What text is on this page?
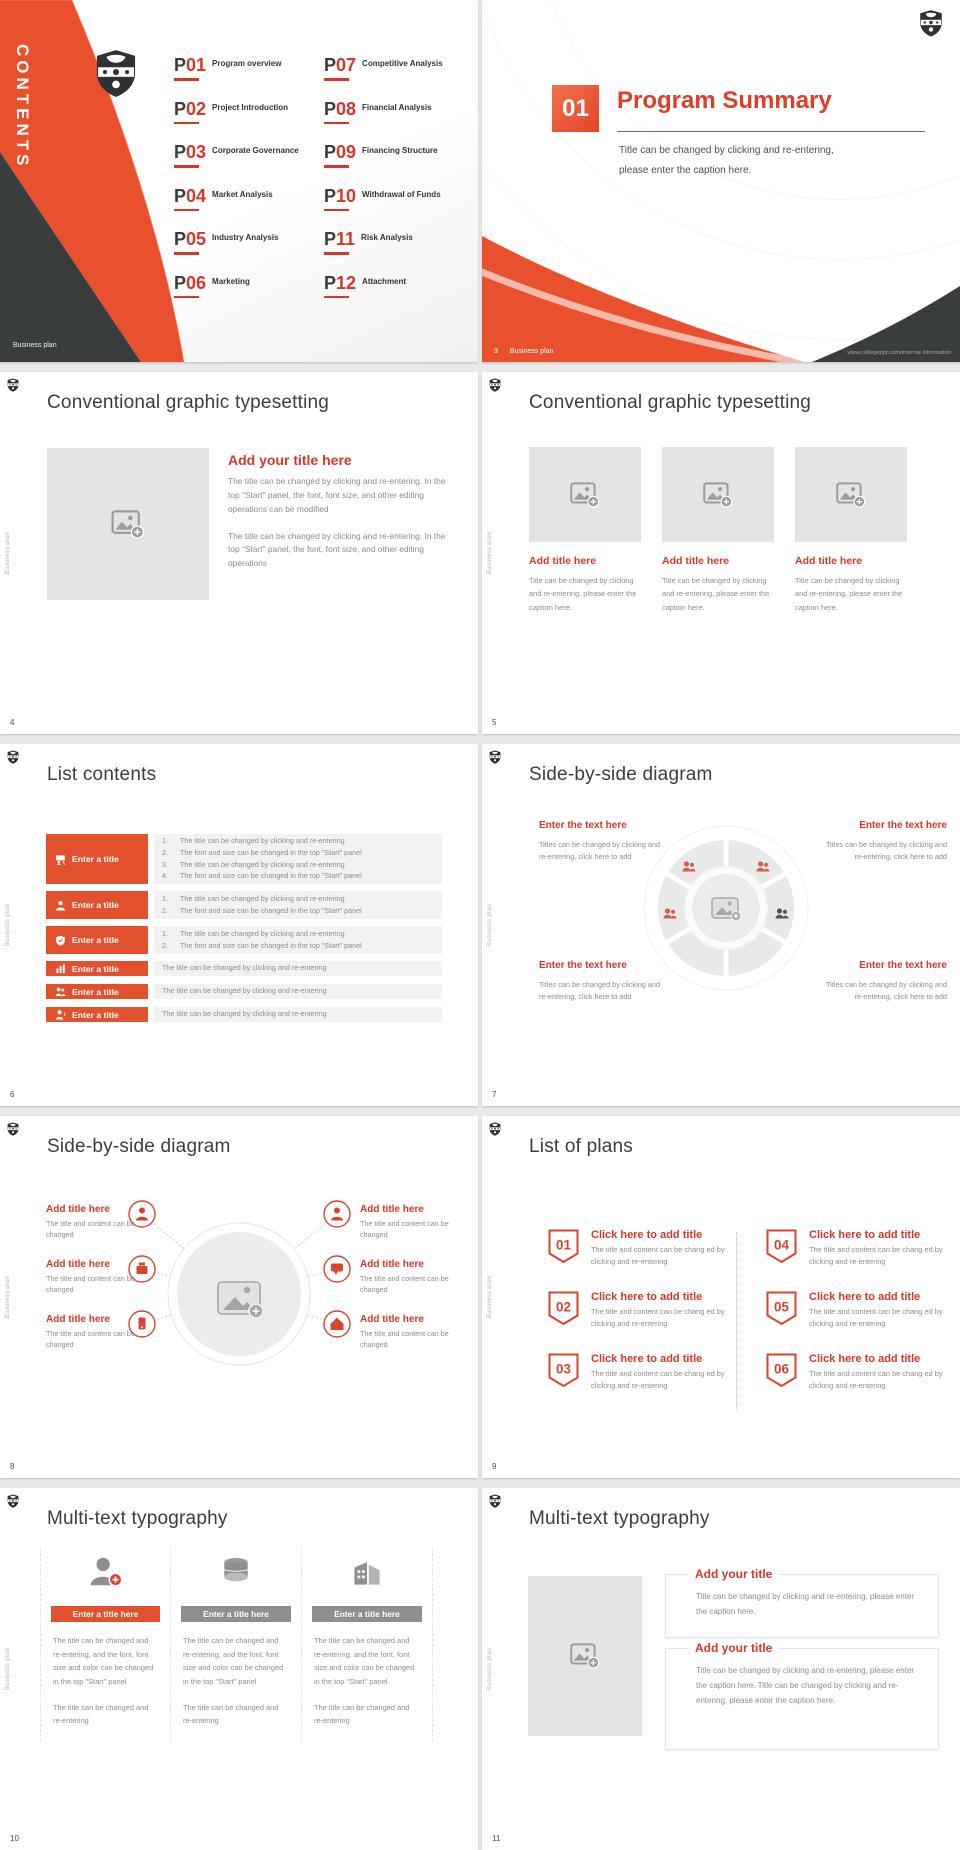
CONTENTS	P01 Program overview
P02 Project Introduction
P03 Corporate Governance
P04 Market Analysis
P05 Industry Analysis
P06 Marketing
P07 Competitive Analysis
P08 Financial Analysis
P09 Financing Structure
P10 Withdrawal of Funds
P11 Risk Analysis
P12 Attachment
Business plan
01	Program Summary
Title can be changed by clicking and re-entering, please enter the caption here.
3 Business plan	www.collegeppt.com/internal information
Business plan
Conventional graphic typesetting
Add your title here

The title can be changed by clicking and re-entering. In the top "Start" panel, the font, font size, and other editing operations can be modified

The title can be changed by clicking and re-entering. In the top "Start" panel, the font, font size, and other editing operations

4
Business plan
Conventional graphic typesetting
Add title here
Title can be changed by clicking and re-entering, please enter the caption here.
Add title here
Title can be changed by clicking and re-entering, please enter the caption here.
Add title here
Title can be changed by clicking and re-entering, please enter the caption here.
5
Business plan
List contents
Enter a title
1.	The title can be changed by clicking and re-entering
2.	The font and size can be changed in the top "Start" panel
3.	The title can be changed by clicking and re-entering
4.	The font and size can be changed in the top "Start" panel
Enter a title
1.	The title can be changed by clicking and re-entering
2.	The font and size can be changed in the top "Start" panel
Enter a title
1.	The title can be changed by clicking and re-entering
2.	The font and size can be changed in the top "Start" panel
Enter a title	The title can be changed by clicking and re-entering
Enter a title	The title can be changed by clicking and re-entering
Enter a title	The title can be changed by clicking and re-entering
6
Business plan
Side-by-side diagram
Enter the text here

Titles can be changed by clicking and re-entering, click here to add

Enter the text here

Titles can be changed by clicking and re-entering, click here to add

Enter the text here

Titles can be changed by clicking and re-entering, click here to add

Enter the text here

Titles can be changed by clicking and re-entering, click here to add

7
Business plan
Side-by-side diagram
Add title here

The title and content can be changed

Add title here

The title and content can be changed

Add title here

The title and content can be changed

Add title here

The title and content can be changed

Add title here

The title and content can be changed

Add title here

The title and content can be changed

8
Business plan
List of plans
01
Click here to add title
The title and content can be chang ed by clicking and re-entering
02
Click here to add title
The title and content can be chang ed by clicking and re-entering
03
Click here to add title
The title and content can be chang ed by clicking and re-entering
04
Click here to add title
The title and content can be chang ed by clicking and re-entering
05
Click here to add title
The title and content can be chang ed by clicking and re-entering
06
Click here to add title
The title and content can be chang ed by clicking and re-entering
9
Business plan
Multi-text typography
Enter a title here

The title can be changed and re-entering, and the font, font size and color can be changed in the top "Start" panel

The title can be changed and re-entering

Enter a title here

The title can be changed and re-entering, and the font, font size and color can be changed in the top "Start" panel

The title can be changed and re-entering

Enter a title here

The title can be changed and re-entering, and the font, font size and color can be changed in the top "Start" panel

The title can be changed and re-entering

10
Business plan
Multi-text typography
Add your title

Title can be changed by clicking and re-entering, please enter the caption here.

Add your title

Title can be changed by clicking and re-entering, please enter the caption here. Title can be changed by clicking and re-entering, please enter the caption here.

11
